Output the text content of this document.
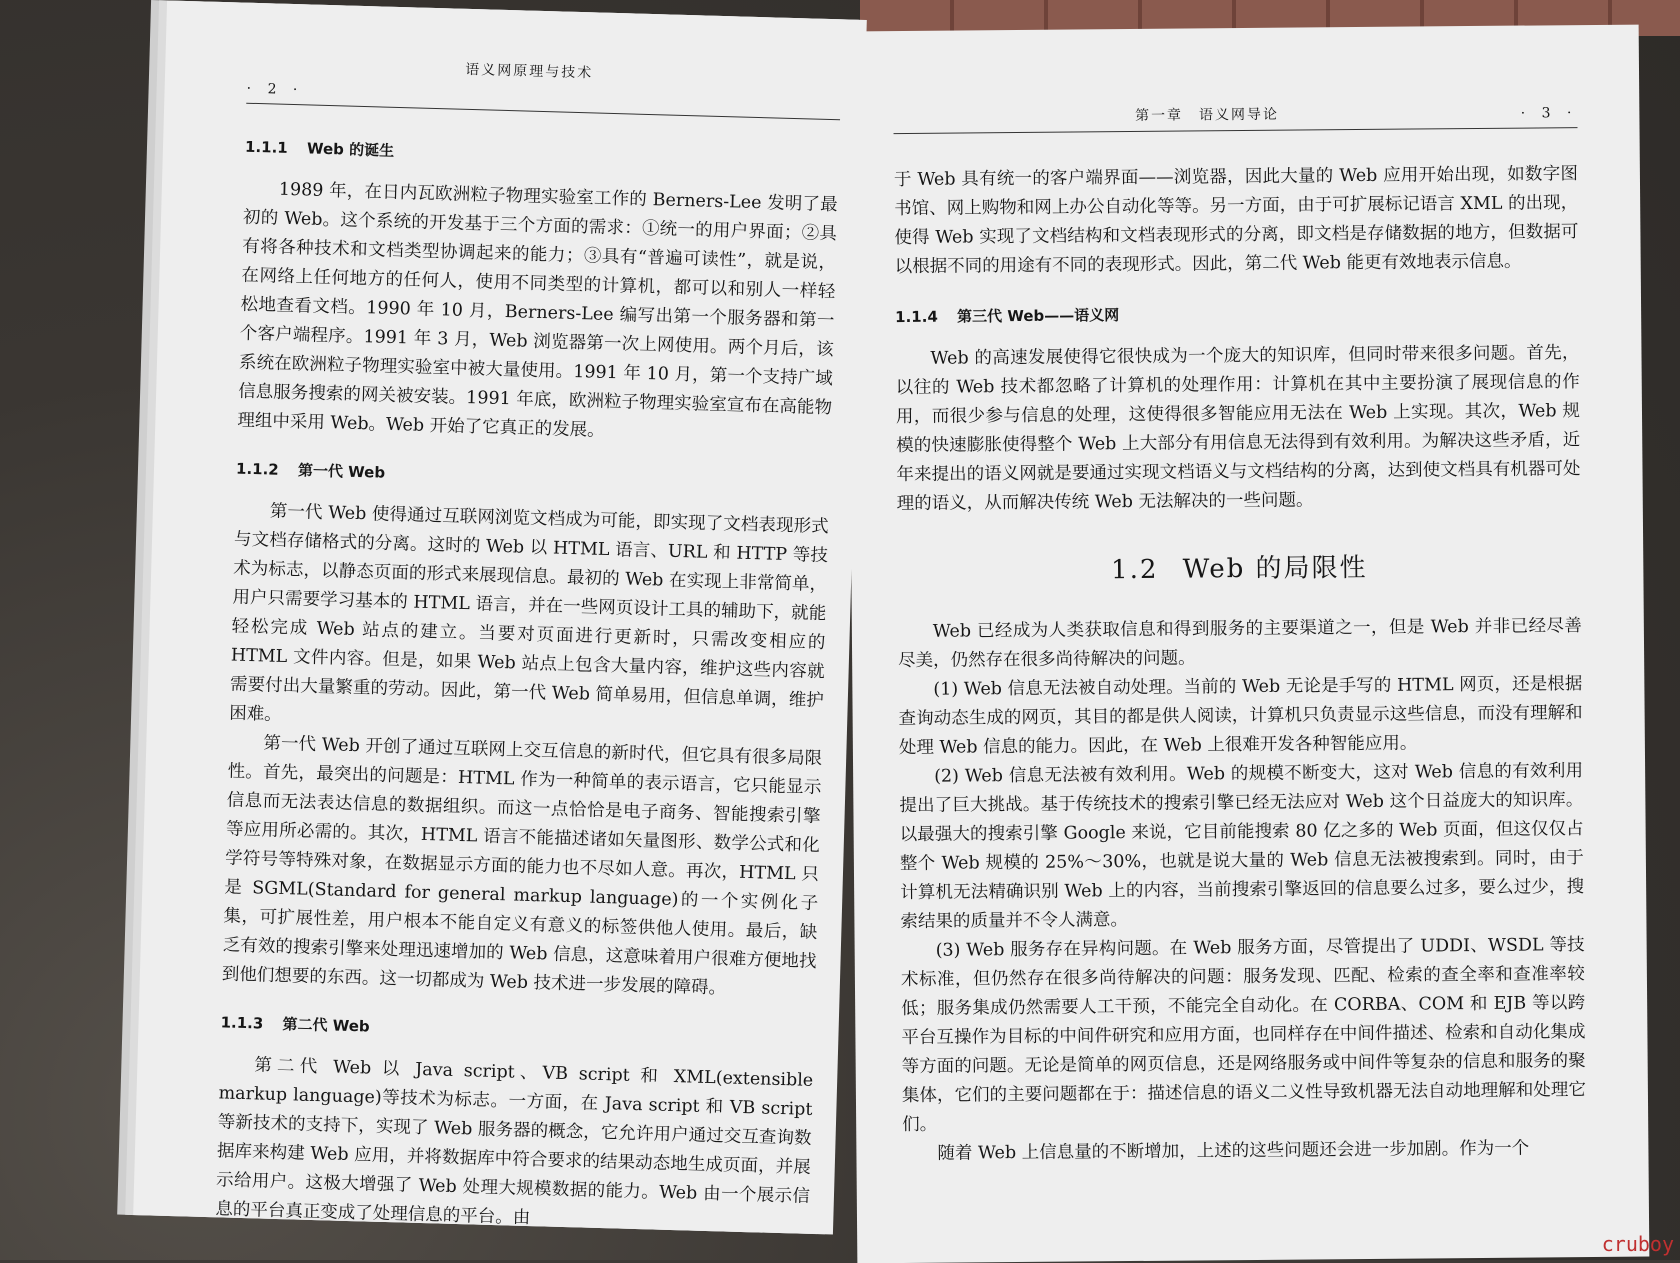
· 2 ·
语义网原理与技术
1.1.1 Web 的诞生

1989 年，在日内瓦欧洲粒子物理实验室工作的 Berners-Lee 发明了最初的 Web。这个系统的开发基于三个方面的需求：①统一的用户界面；②具有将各种技术和文档类型协调起来的能力；③具有“普遍可读性”，就是说，在网络上任何地方的任何人，使用不同类型的计算机，都可以和别人一样轻松地查看文档。1990 年 10 月，Berners-Lee 编写出第一个服务器和第一个客户端程序。1991 年 3 月，Web 浏览器第一次上网使用。两个月后，该系统在欧洲粒子物理实验室中被大量使用。1991 年 10 月，第一个支持广域信息服务搜索的网关被安装。1991 年底，欧洲粒子物理实验室宣布在高能物理组中采用 Web。Web 开始了它真正的发展。

1.1.2 第一代 Web

第一代 Web 使得通过互联网浏览文档成为可能，即实现了文档表现形式与文档存储格式的分离。这时的 Web 以 HTML 语言、URL 和 HTTP 等技术为标志，以静态页面的形式来展现信息。最初的 Web 在实现上非常简单，用户只需要学习基本的 HTML 语言，并在一些网页设计工具的辅助下，就能轻松完成 Web 站点的建立。当要对页面进行更新时，只需改变相应的 HTML 文件内容。但是，如果 Web 站点上包含大量内容，维护这些内容就需要付出大量繁重的劳动。因此，第一代 Web 简单易用，但信息单调，维护困难。

第一代 Web 开创了通过互联网上交互信息的新时代，但它具有很多局限性。首先，最突出的问题是：HTML 作为一种简单的表示语言，它只能显示信息而无法表达信息的数据组织。而这一点恰恰是电子商务、智能搜索引擎等应用所必需的。其次，HTML 语言不能描述诸如矢量图形、数学公式和化学符号等特殊对象，在数据显示方面的能力也不尽如人意。再次，HTML 只是 SGML(Standard for general markup language)的一个实例化子集，可扩展性差，用户根本不能自定义有意义的标签供他人使用。最后，缺乏有效的搜索引擎来处理迅速增加的 Web 信息，这意味着用户很难方便地找到他们想要的东西。这一切都成为 Web 技术进一步发展的障碍。

1.1.3 第二代 Web

第二代 Web 以 Java script、VB script 和 XML(extensible markup language)等技术为标志。一方面，在 Java script 和 VB script 等新技术的支持下，实现了 Web 服务器的概念，它允许用户通过交互查询数据库来构建 Web 应用，并将数据库中符合要求的结果动态地生成页面，并展示给用户。这极大增强了 Web 处理大规模数据的能力。Web 由一个展示信息的平台真正变成了处理信息的平台。由

第一章　语义网导论	· 3 ·

于 Web 具有统一的客户端界面——浏览器，因此大量的 Web 应用开始出现，如数字图书馆、网上购物和网上办公自动化等等。另一方面，由于可扩展标记语言 XML 的出现，使得 Web 实现了文档结构和文档表现形式的分离，即文档是存储数据的地方，但数据可以根据不同的用途有不同的表现形式。因此，第二代 Web 能更有效地表示信息。

1.1.4 第三代 Web——语义网

Web 的高速发展使得它很快成为一个庞大的知识库，但同时带来很多问题。首先，以往的 Web 技术都忽略了计算机的处理作用：计算机在其中主要扮演了展现信息的作用，而很少参与信息的处理，这使得很多智能应用无法在 Web 上实现。其次，Web 规模的快速膨胀使得整个 Web 上大部分有用信息无法得到有效利用。为解决这些矛盾，近年来提出的语义网就是要通过实现文档语义与文档结构的分离，达到使文档具有机器可处理的语义，从而解决传统 Web 无法解决的一些问题。

1.2 Web 的局限性

Web 已经成为人类获取信息和得到服务的主要渠道之一，但是 Web 并非已经尽善尽美，仍然存在很多尚待解决的问题。

(1) Web 信息无法被自动处理。当前的 Web 无论是手写的 HTML 网页，还是根据查询动态生成的网页，其目的都是供人阅读，计算机只负责显示这些信息，而没有理解和处理 Web 信息的能力。因此，在 Web 上很难开发各种智能应用。

(2) Web 信息无法被有效利用。Web 的规模不断变大，这对 Web 信息的有效利用提出了巨大挑战。基于传统技术的搜索引擎已经无法应对 Web 这个日益庞大的知识库。以最强大的搜索引擎 Google 来说，它目前能搜索 80 亿之多的 Web 页面，但这仅仅占整个 Web 规模的 25%～30%，也就是说大量的 Web 信息无法被搜索到。同时，由于计算机无法精确识别 Web 上的内容，当前搜索引擎返回的信息要么过多，要么过少，搜索结果的质量并不令人满意。

(3) Web 服务存在异构问题。在 Web 服务方面，尽管提出了 UDDI、WSDL 等技术标准，但仍然存在很多尚待解决的问题：服务发现、匹配、检索的查全率和查准率较低；服务集成仍然需要人工干预，不能完全自动化。在 CORBA、COM 和 EJB 等以跨平台互操作为目标的中间件研究和应用方面，也同样存在中间件描述、检索和自动化集成等方面的问题。无论是简单的网页信息，还是网络服务或中间件等复杂的信息和服务的聚集体，它们的主要问题都在于：描述信息的语义二义性导致机器无法自动地理解和处理它们。

随着 Web 上信息量的不断增加，上述的这些问题还会进一步加剧。作为一个

cruboy
